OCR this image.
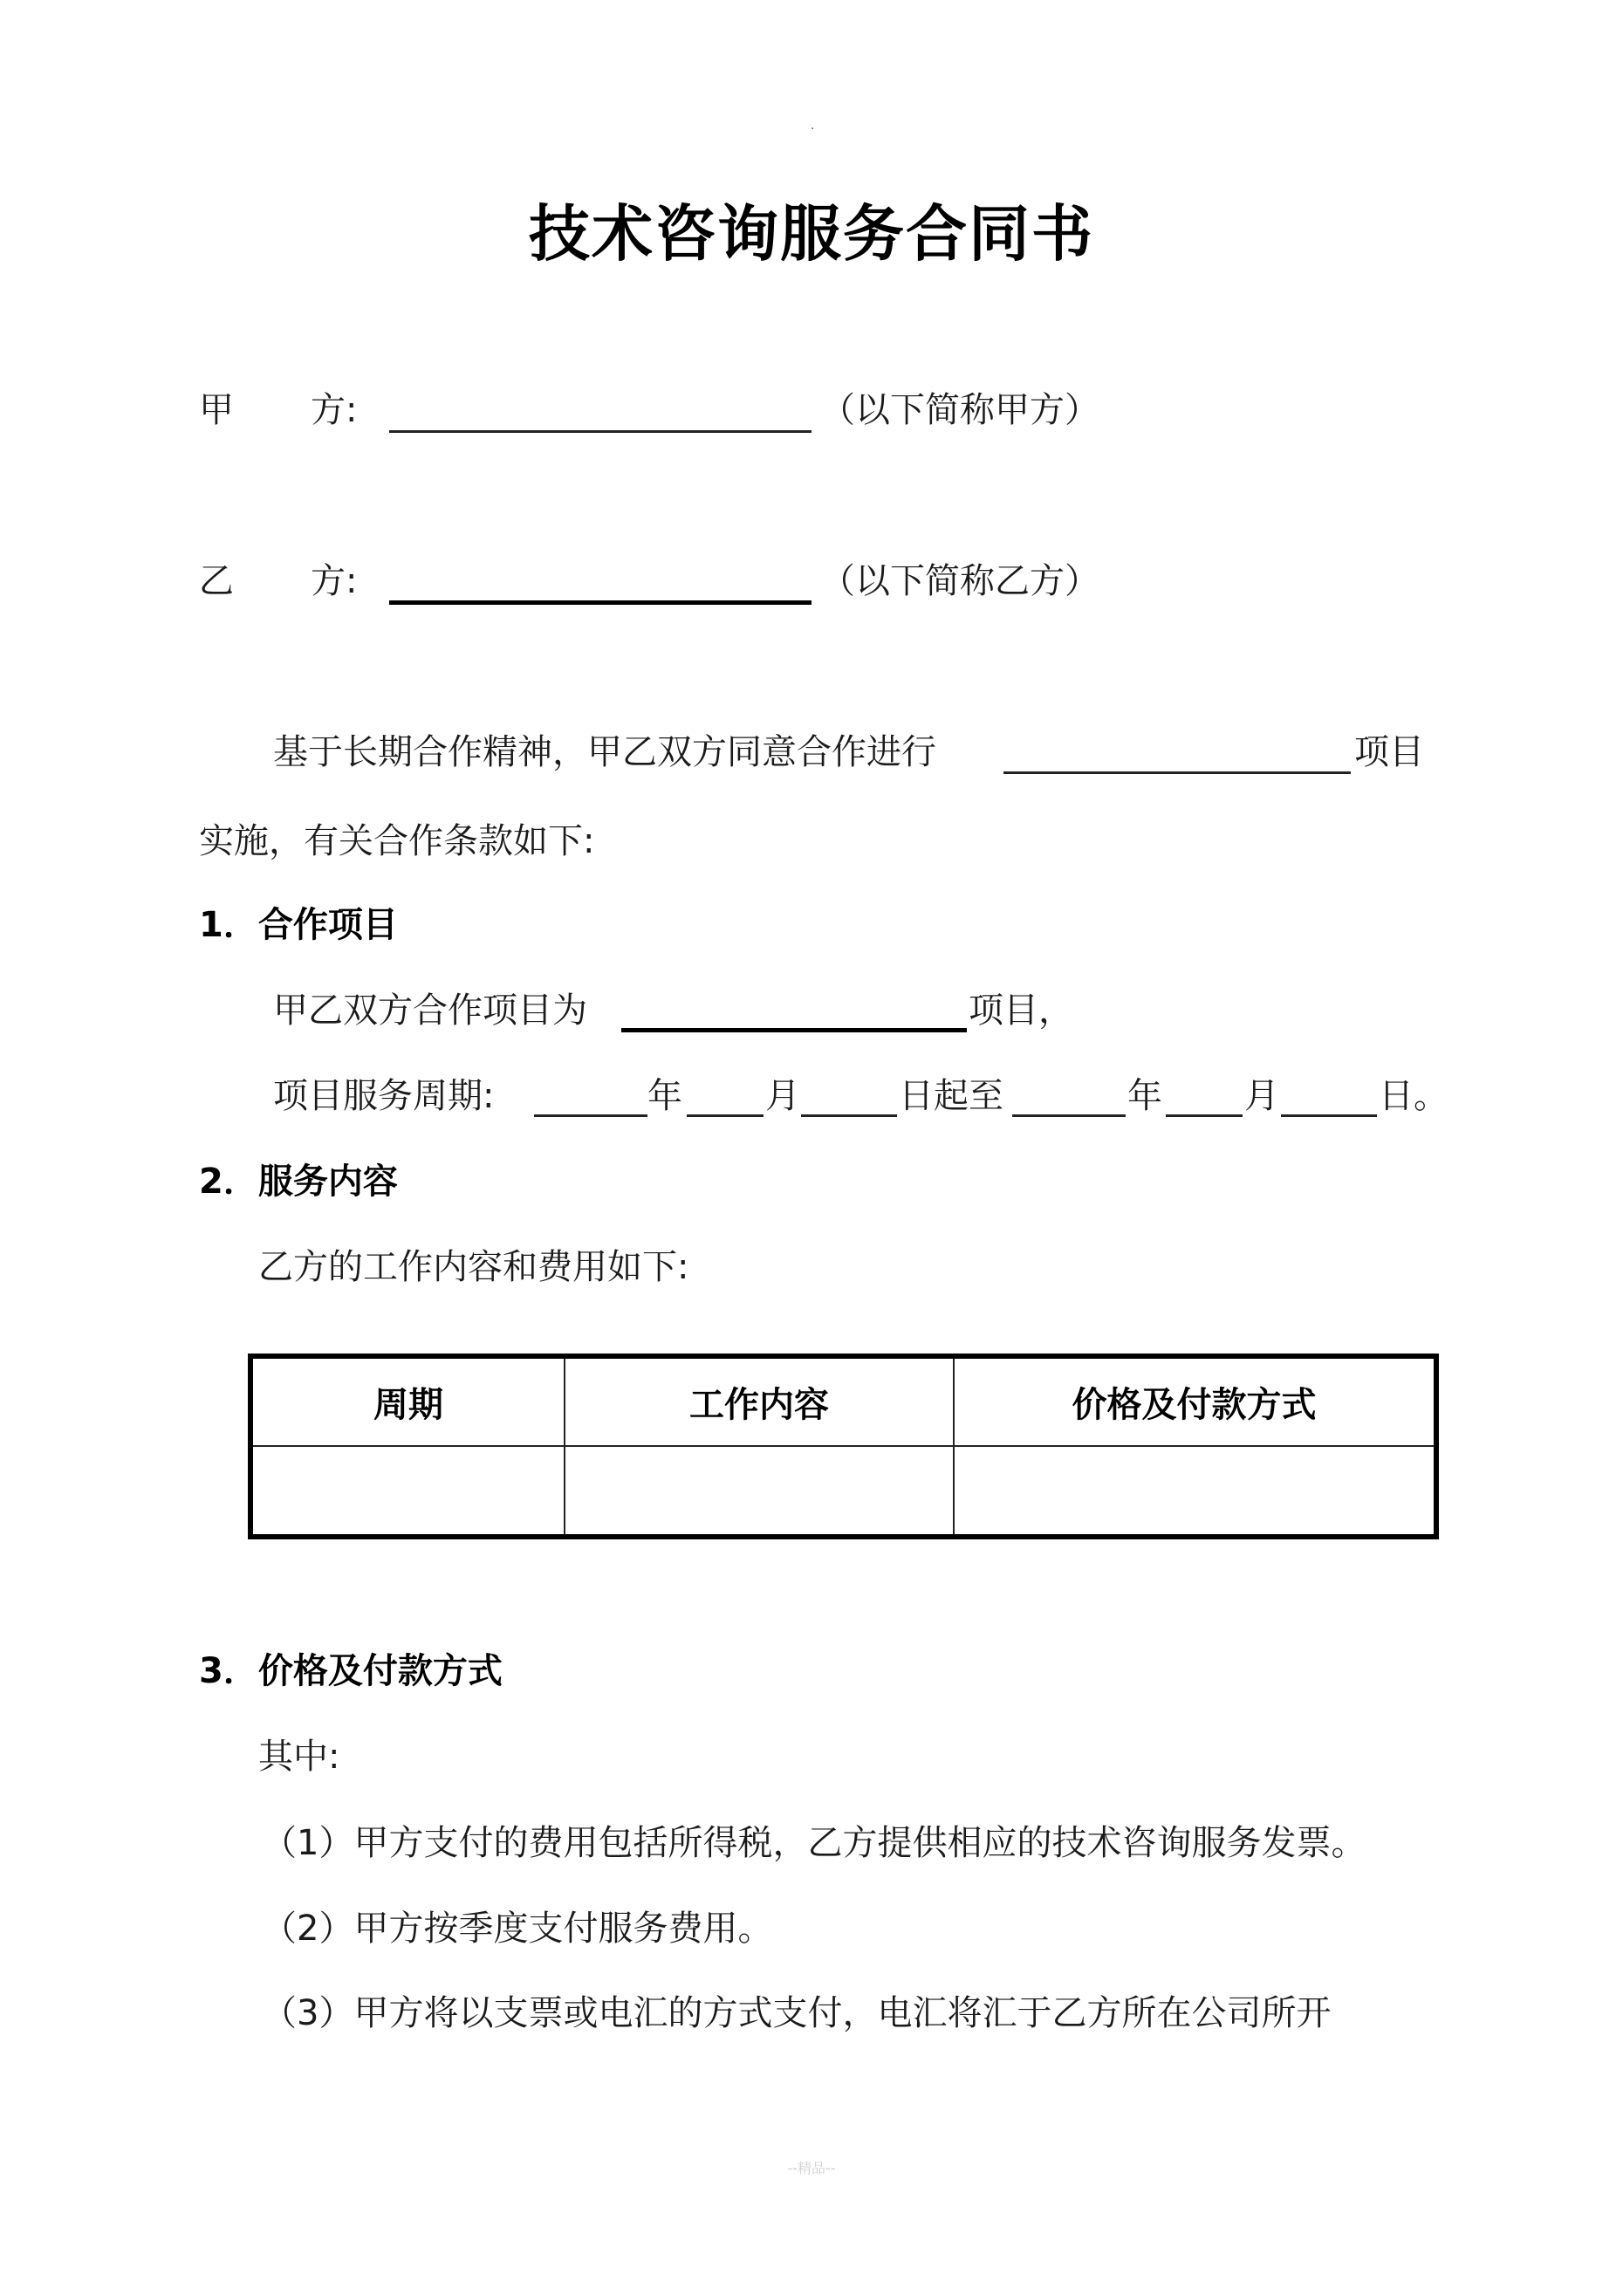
·
技术咨询服务合同书
甲 方:	（以下简称甲方）
乙 方:	（以下简称乙方）
基于长期合作精神，甲乙双方同意合作进行	项目
实施，有关合作条款如下:
1．合作项目
甲乙双方合作项目为	项目，
项目服务周期:	年 月	日起至	年 月	日。
2．服务内容
乙方的工作内容和费用如下:
周期	工作内容	价格及付款方式

3．价格及付款方式
其中:
（1）甲方支付的费用包括所得税，乙方提供相应的技术咨询服务发票。
（2）甲方按季度支付服务费用。
（3）甲方将以支票或电汇的方式支付，电汇将汇于乙方所在公司所开
--精品--
